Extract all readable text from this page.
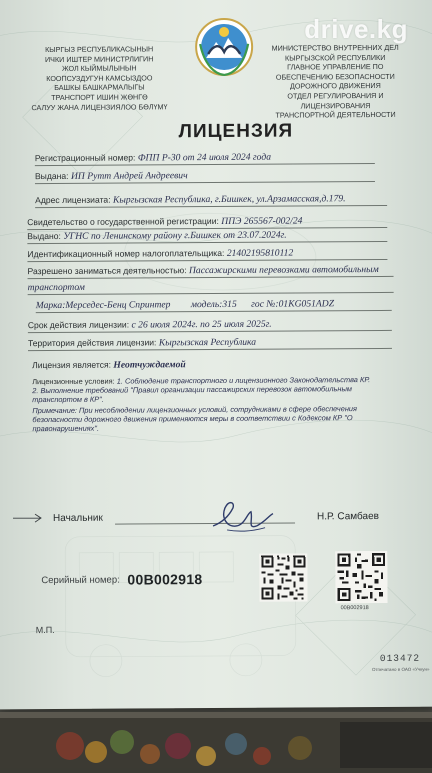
КЫРГЫЗ РЕСПУБЛИКАСЫНЫН
ИЧКИ ИШТЕР МИНИСТРЛИГИН
ЖОЛ КЫЙМЫЛЫНЫН
КООПСУЗДУГУН КАМСЫЗДОО
БАШКЫ БАШКАРМАЛЫГЫ
ТРАНСПОРТ ИШИН ЖӨНГӨ
САЛУУ ЖАНА ЛИЦЕНЗИЯЛОО БӨЛҮМҮ
МИНИСТЕРСТВО ВНУТРЕННИХ ДЕЛ
КЫРГЫЗСКОЙ РЕСПУБЛИКИ
ГЛАВНОЕ УПРАВЛЕНИЕ ПО
ОБЕСПЕЧЕНИЮ БЕЗОПАСНОСТИ
ДОРОЖНОГО ДВИЖЕНИЯ
ОТДЕЛ РЕГУЛИРОВАНИЯ И
ЛИЦЕНЗИРОВАНИЯ
ТРАНСПОРТНОЙ ДЕЯТЕЛЬНОСТИ
ЛИЦЕНЗИЯ
Регистрационный номер: ФПП Р-30 от 24 июля 2024 года
Выдана: ИП Рутт Андрей Андреевич
Адрес лицензиата: Кыргызская Республика, г.Бишкек, ул.Арзамасская,д.179.
Свидетельство о государственной регистрации: ППЭ 265567-002/24
Выдано: УГНС по Ленинскому району г.Бишкек от 23.07.2024г.
Идентификационный номер налогоплательщика: 21402195810112
Разрешено заниматься деятельностью: Пассажирскими перевозками автомобильным
транспортом
Марка:Мерседес-Бенц Спринтер модель:315 гос №:01KG051ADZ
Срок действия лицензии: с 26 июля 2024г. по 25 июля 2025г.
Территория действия лицензии: Кыргызская Республика
Лицензия является: Неотчуждаемой
Лицензионные условия: 1. Соблюдение транспортного и лицензионного Законодательства КР.
2. Выполнение требований "Правил организации пассажирских перевозок автомобильным транспортом в КР".
Примечание: При несоблюдении лицензионных условий, сотрудниками в сфере обеспечения безопасности дорожного движения применяются меры в соответствии с Кодексом КР "О правонарушениях".
Начальник	Н.Р. Самбаев
00B002918
Серийный номер: 00В002918
М.П.
013472
Отпечатано в ОАО «Учкун»
drive.kg
